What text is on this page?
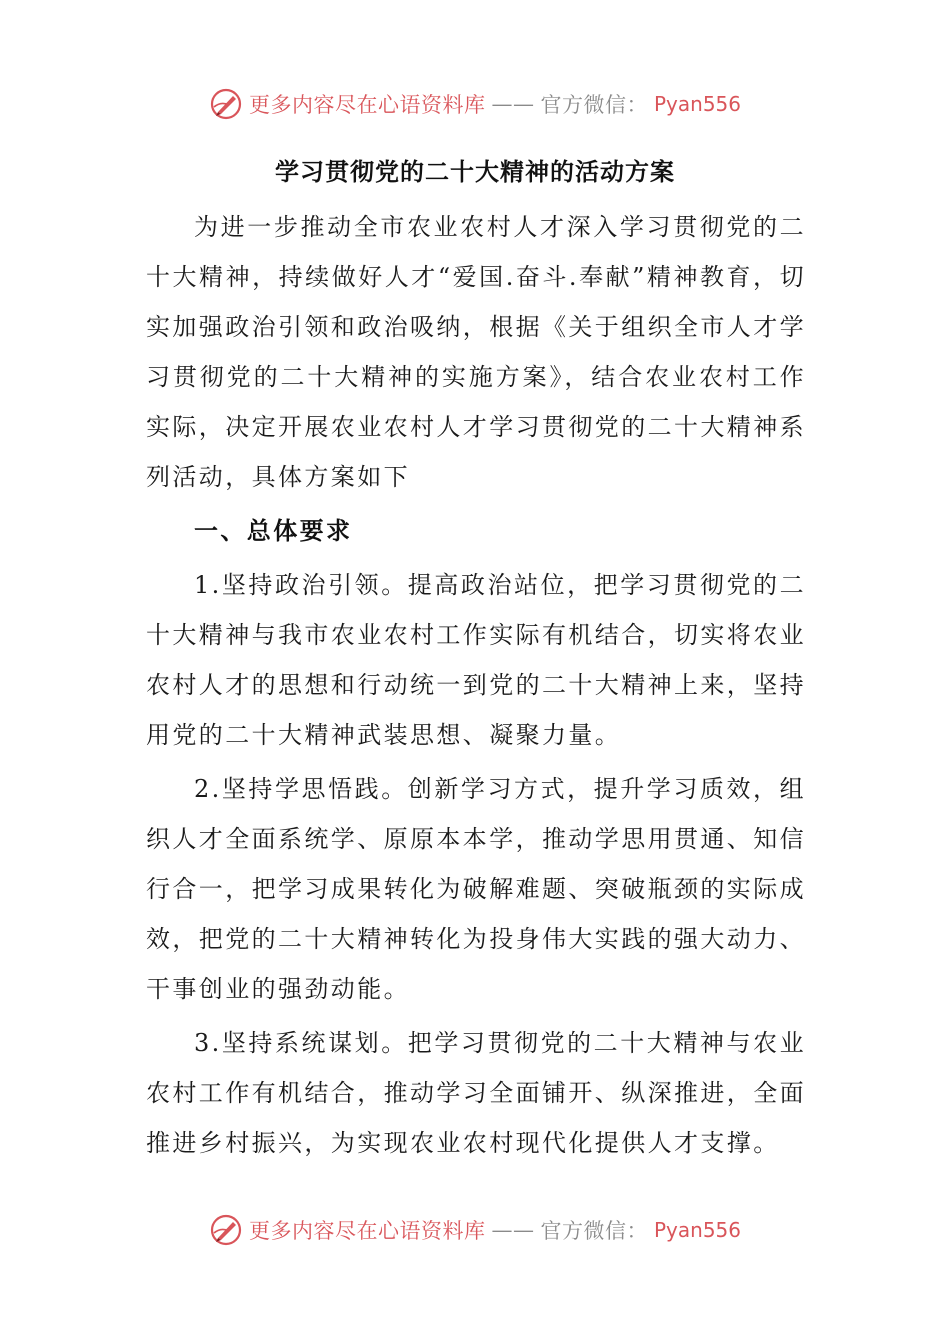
更多内容尽在心语资料库 —— 官方微信： Pyan556
学习贯彻党的二十大精神的活动方案

为进一步推动全市农业农村人才深入学习贯彻党的二十大精神，持续做好人才“爱国.奋斗.奉献”精神教育，切实加强政治引领和政治吸纳，根据《关于组织全市人才学习贯彻党的二十大精神的实施方案》，结合农业农村工作实际，决定开展农业农村人才学习贯彻党的二十大精神系列活动，具体方案如下

一、总体要求

1.坚持政治引领。提高政治站位，把学习贯彻党的二十大精神与我市农业农村工作实际有机结合，切实将农业农村人才的思想和行动统一到党的二十大精神上来，坚持用党的二十大精神武装思想、凝聚力量。

2.坚持学思悟践。创新学习方式，提升学习质效，组织人才全面系统学、原原本本学，推动学思用贯通、知信行合一，把学习成果转化为破解难题、突破瓶颈的实际成效，把党的二十大精神转化为投身伟大实践的强大动力、干事创业的强劲动能。

3.坚持系统谋划。把学习贯彻党的二十大精神与农业农村工作有机结合，推动学习全面铺开、纵深推进，全面推进乡村振兴，为实现农业农村现代化提供人才支撑。

更多内容尽在心语资料库 —— 官方微信： Pyan556
